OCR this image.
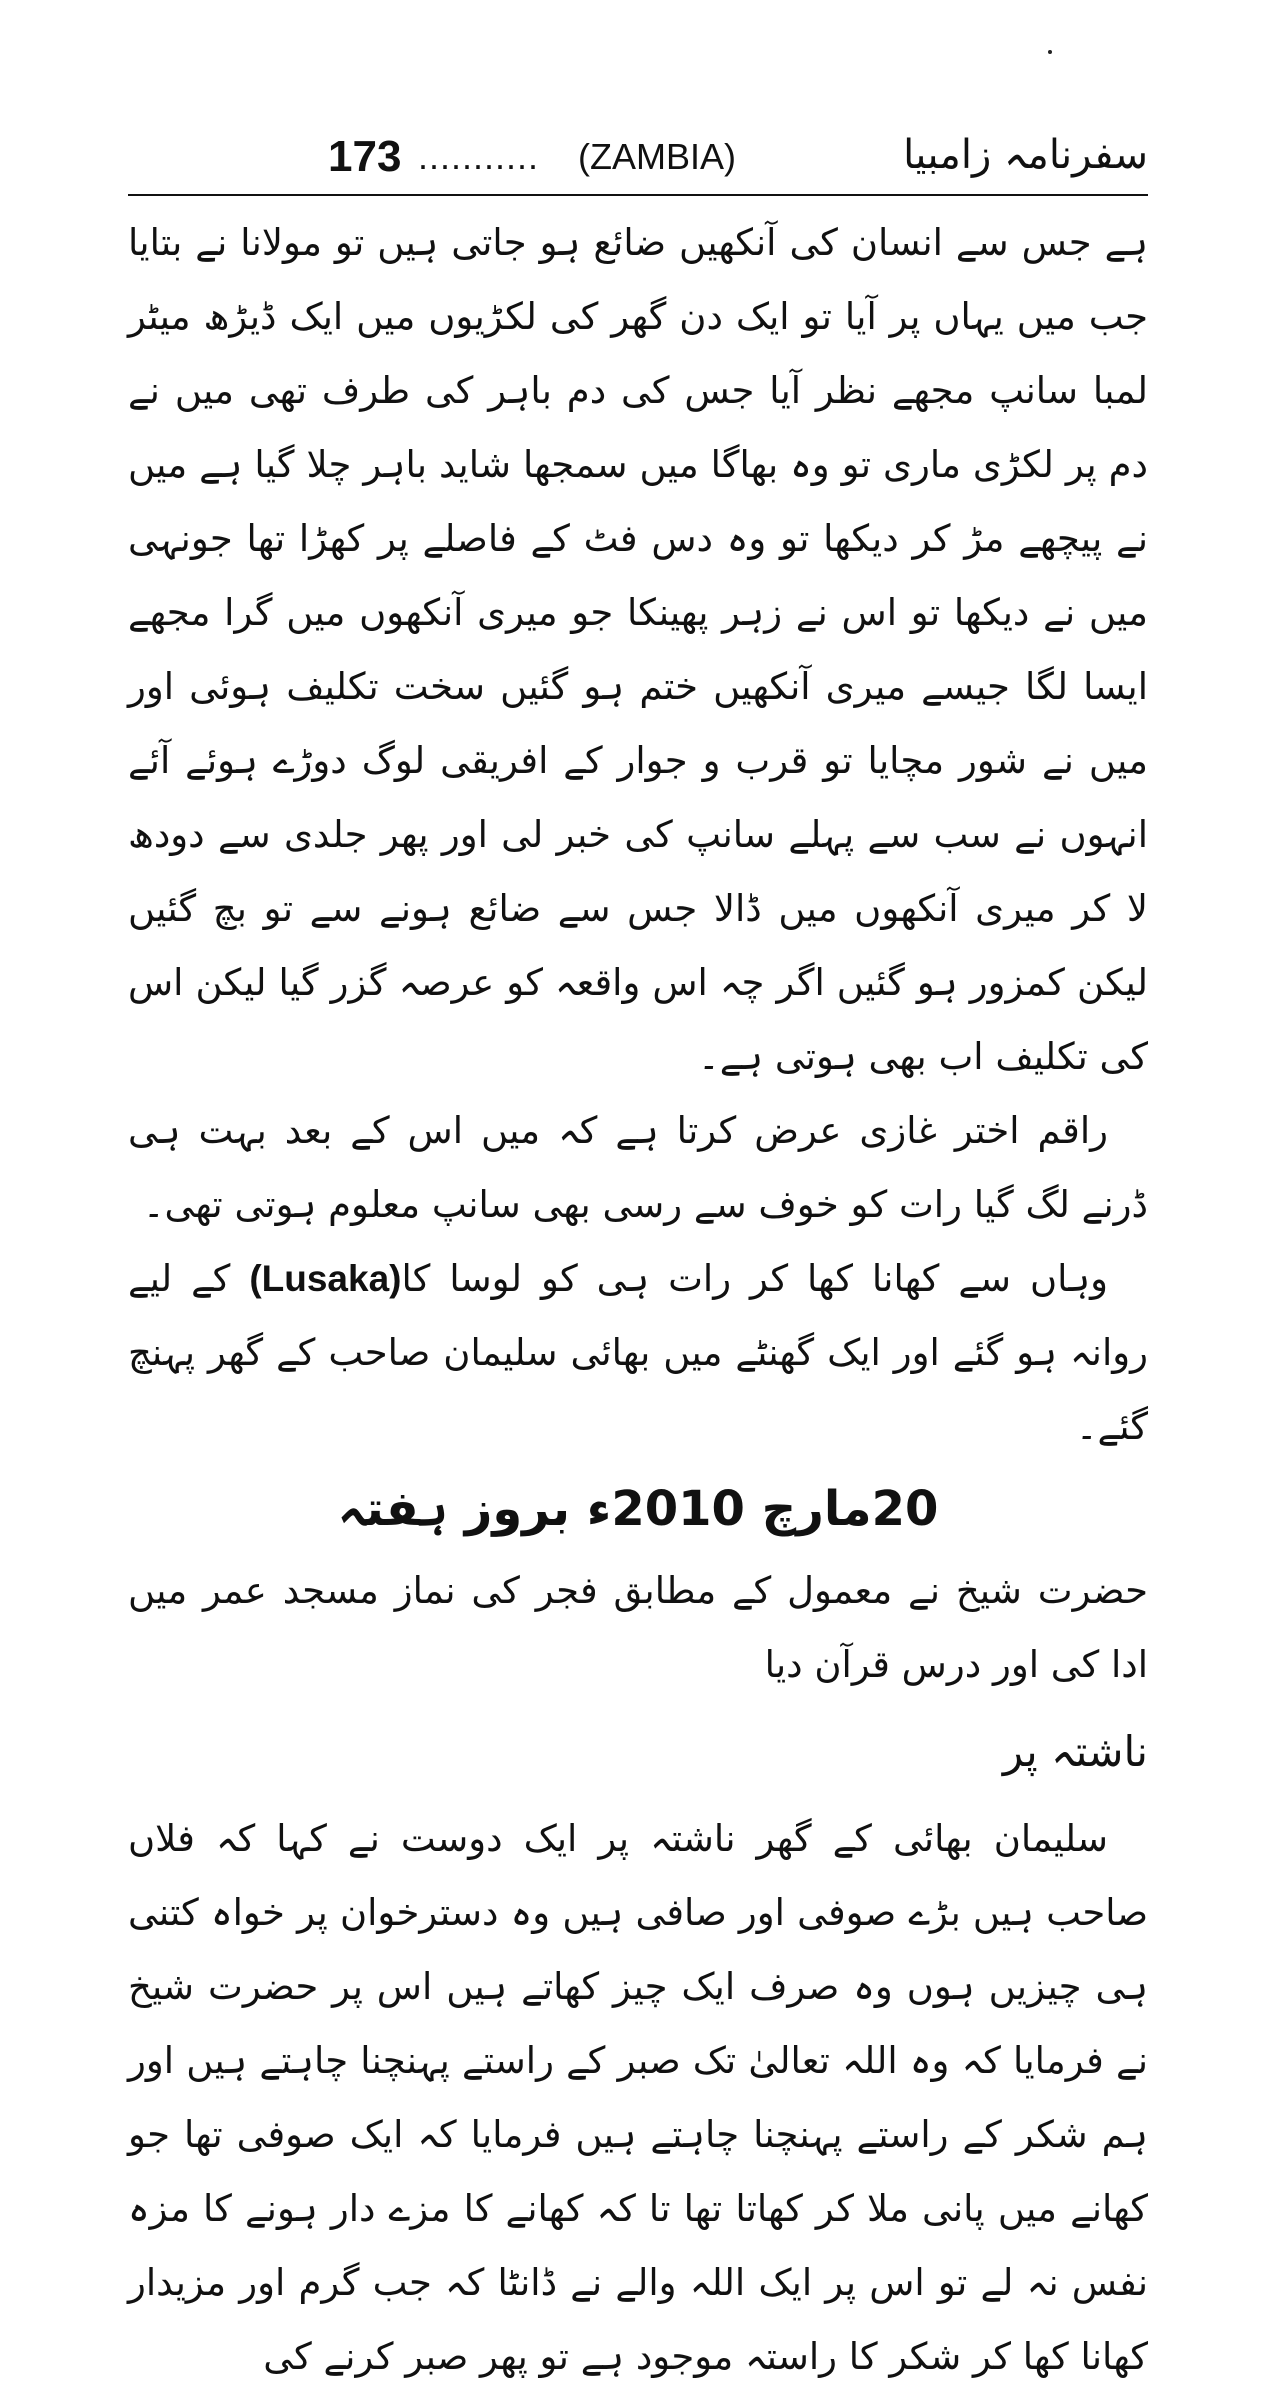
سفرنامہ زامبیا
(ZAMBIA)
...........
173

ہے جس سے انسان کی آنکھیں ضائع ہو جاتی ہیں تو مولانا نے بتایا جب میں یہاں پر آیا تو ایک دن گھر کی لکڑیوں میں ایک ڈیڑھ میٹر لمبا سانپ مجھے نظر آیا جس کی دم باہر کی طرف تھی میں نے دم پر لکڑی ماری تو وہ بھاگا میں سمجھا شاید باہر چلا گیا ہے میں نے پیچھے مڑ کر دیکھا تو وہ دس فٹ کے فاصلے پر کھڑا تھا جونہی میں نے دیکھا تو اس نے زہر پھینکا جو میری آنکھوں میں گرا مجھے ایسا لگا جیسے میری آنکھیں ختم ہو گئیں سخت تکلیف ہوئی اور میں نے شور مچایا تو قرب و جوار کے افریقی لوگ دوڑے ہوئے آئے انہوں نے سب سے پہلے سانپ کی خبر لی اور پھر جلدی سے دودھ لا کر میری آنکھوں میں ڈالا جس سے ضائع ہونے سے تو بچ گئیں لیکن کمزور ہو گئیں اگر چہ اس واقعہ کو عرصہ گزر گیا لیکن اس کی تکلیف اب بھی ہوتی ہے۔

راقم اختر غازی عرض کرتا ہے کہ میں اس کے بعد بہت ہی ڈرنے لگ گیا رات کو خوف سے رسی بھی سانپ معلوم ہوتی تھی۔

وہاں سے کھانا کھا کر رات ہی کو لوسا کا(Lusaka) کے لیے روانہ ہو گئے اور ایک گھنٹے میں بھائی سلیمان صاحب کے گھر پہنچ گئے۔

20مارچ 2010ء بروز ہفتہ

حضرت شیخ نے معمول کے مطابق فجر کی نماز مسجد عمر میں ادا کی اور درس قرآن دیا

ناشتہ پر

سلیمان بھائی کے گھر ناشتہ پر ایک دوست نے کہا کہ فلاں صاحب ہیں بڑے صوفی اور صافی ہیں وہ دسترخوان پر خواہ کتنی ہی چیزیں ہوں وہ صرف ایک چیز کھاتے ہیں اس پر حضرت شیخ نے فرمایا کہ وہ اللہ تعالیٰ تک صبر کے راستے پہنچنا چاہتے ہیں اور ہم شکر کے راستے پہنچنا چاہتے ہیں فرمایا کہ ایک صوفی تھا جو کھانے میں پانی ملا کر کھاتا تھا تا کہ کھانے کا مزے دار ہونے کا مزہ نفس نہ لے تو اس پر ایک اللہ والے نے ڈانٹا کہ جب گرم اور مزیدار کھانا کھا کر شکر کا راستہ موجود ہے تو پھر صبر کرنے کی
